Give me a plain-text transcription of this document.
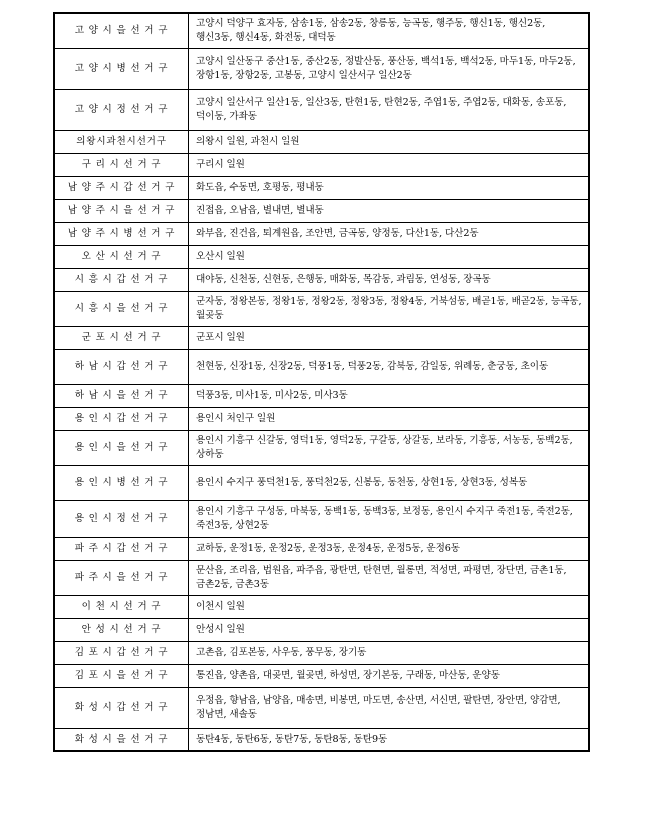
고 양 시 을 선 거 구	고양시 덕양구 효자동, 삼송1동, 삼송2동, 창릉동, 능곡동, 행주동, 행신1동, 행신2동, 행신3동, 행신4동, 화전동, 대덕동
고 양 시 병 선 거 구	고양시 일산동구 중산1동, 중산2동, 정발산동, 풍산동, 백석1동, 백석2동, 마두1동, 마두2동, 장항1동, 장항2동, 고봉동, 고양시 일산서구 일산2동
고 양 시 정 선 거 구	고양시 일산서구 일산1동, 일산3동, 탄현1동, 탄현2동, 주엽1동, 주엽2동, 대화동, 송포동, 덕이동, 가좌동
의왕시과천시선거구	의왕시 일원, 과천시 일원
구 리 시 선 거 구	구리시 일원
남 양 주 시 갑 선 거 구	화도읍, 수동면, 호평동, 평내동
남 양 주 시 을 선 거 구	진접읍, 오남읍, 별내면, 별내동
남 양 주 시 병 선 거 구	와부읍, 진건읍, 퇴계원읍, 조안면, 금곡동, 양정동, 다산1동, 다산2동
오 산 시 선 거 구	오산시 일원
시 흥 시 갑 선 거 구	대야동, 신천동, 신현동, 은행동, 매화동, 목감동, 과림동, 연성동, 장곡동
시 흥 시 을 선 거 구	군자동, 정왕본동, 정왕1동, 정왕2동, 정왕3동, 정왕4동, 거북섬동, 배곧1동, 배곧2동, 능곡동, 월곶동
군 포 시 선 거 구	군포시 일원
하 남 시 갑 선 거 구	천현동, 신장1동, 신장2동, 덕풍1동, 덕풍2동, 감북동, 감일동, 위례동, 춘궁동, 초이동
하 남 시 을 선 거 구	덕풍3동, 미사1동, 미사2동, 미사3동
용 인 시 갑 선 거 구	용인시 처인구 일원
용 인 시 을 선 거 구	용인시 기흥구 신갈동, 영덕1동, 영덕2동, 구갈동, 상갈동, 보라동, 기흥동, 서농동, 동백2동, 상하동
용 인 시 병 선 거 구	용인시 수지구 풍덕천1동, 풍덕천2동, 신봉동, 동천동, 상현1동, 상현3동, 성복동
용 인 시 정 선 거 구	용인시 기흥구 구성동, 마북동, 동백1동, 동백3동, 보정동, 용인시 수지구 죽전1동, 죽전2동, 죽전3동, 상현2동
파 주 시 갑 선 거 구	교하동, 운정1동, 운정2동, 운정3동, 운정4동, 운정5동, 운정6동
파 주 시 을 선 거 구	문산읍, 조리읍, 법원읍, 파주읍, 광탄면, 탄현면, 월롱면, 적성면, 파평면, 장단면, 금촌1동, 금촌2동, 금촌3동
이 천 시 선 거 구	이천시 일원
안 성 시 선 거 구	안성시 일원
김 포 시 갑 선 거 구	고촌읍, 김포본동, 사우동, 풍무동, 장기동
김 포 시 을 선 거 구	통진읍, 양촌읍, 대곶면, 월곶면, 하성면, 장기본동, 구래동, 마산동, 운양동
화 성 시 갑 선 거 구	우정읍, 향남읍, 남양읍, 매송면, 비봉면, 마도면, 송산면, 서신면, 팔탄면, 장안면, 양감면, 정남면, 새솔동
화 성 시 을 선 거 구	동탄4동, 동탄6동, 동탄7동, 동탄8동, 동탄9동
